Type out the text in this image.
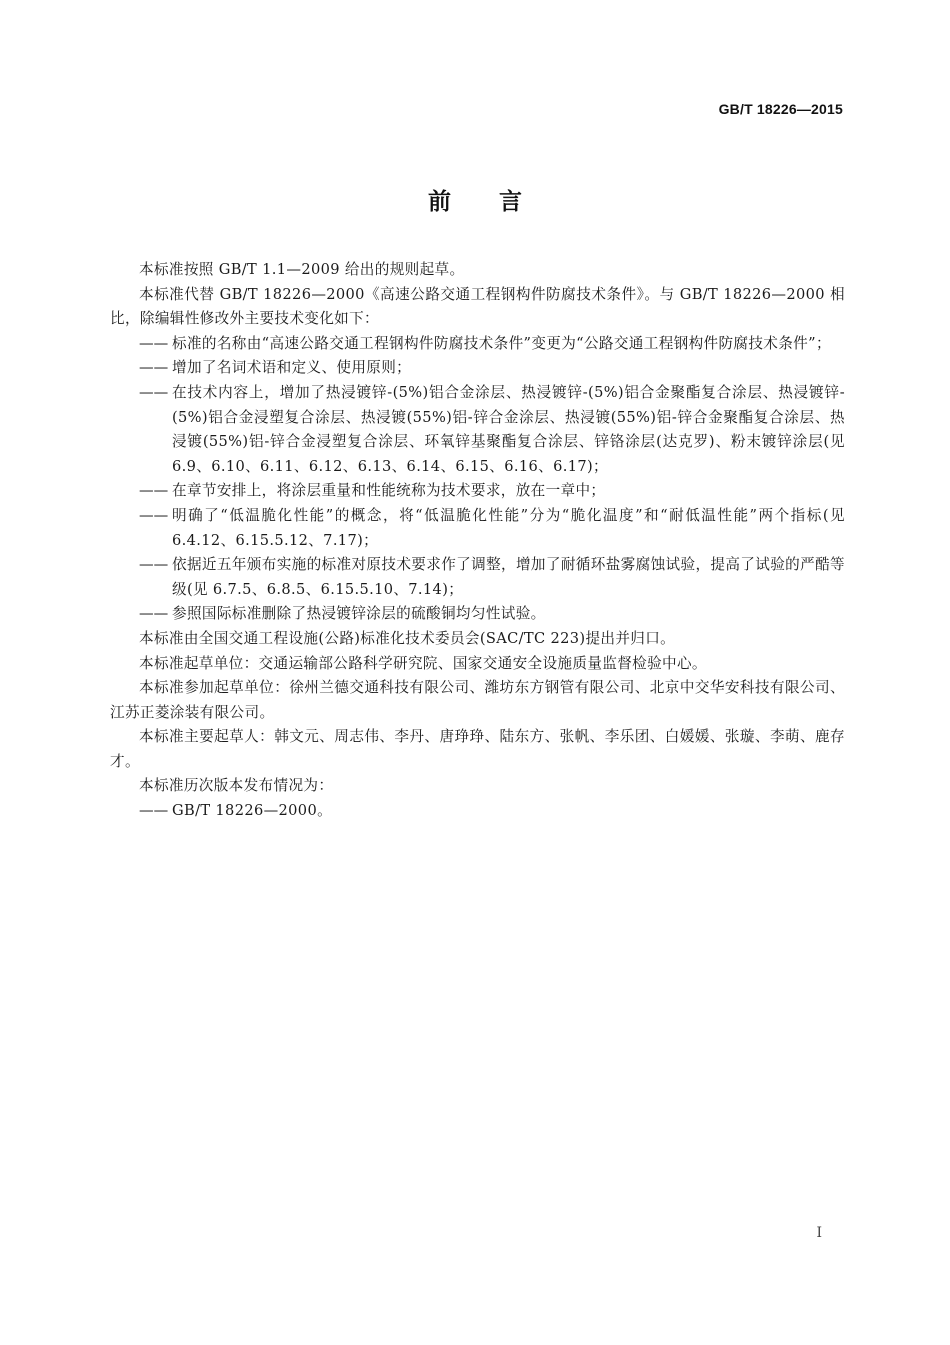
GB/T 18226—2015
前 言

本标准按照 GB/T 1.1—2009 给出的规则起草。

本标准代替 GB/T 18226—2000《高速公路交通工程钢构件防腐技术条件》。与 GB/T 18226—2000 相比，除编辑性修改外主要技术变化如下：

—— 标准的名称由“高速公路交通工程钢构件防腐技术条件”变更为“公路交通工程钢构件防腐技术条件”；

—— 增加了名词术语和定义、使用原则；

—— 在技术内容上，增加了热浸镀锌-(5%)铝合金涂层、热浸镀锌-(5%)铝合金聚酯复合涂层、热浸镀锌-(5%)铝合金浸塑复合涂层、热浸镀(55%)铝-锌合金涂层、热浸镀(55%)铝-锌合金聚酯复合涂层、热浸镀(55%)铝-锌合金浸塑复合涂层、环氧锌基聚酯复合涂层、锌铬涂层(达克罗)、粉末镀锌涂层(见 6.9、6.10、6.11、6.12、6.13、6.14、6.15、6.16、6.17)；

—— 在章节安排上，将涂层重量和性能统称为技术要求，放在一章中；

—— 明确了“低温脆化性能”的概念，将“低温脆化性能”分为“脆化温度”和“耐低温性能”两个指标(见 6.4.12、6.15.5.12、7.17)；

—— 依据近五年颁布实施的标准对原技术要求作了调整，增加了耐循环盐雾腐蚀试验，提高了试验的严酷等级(见 6.7.5、6.8.5、6.15.5.10、7.14)；

—— 参照国际标准删除了热浸镀锌涂层的硫酸铜均匀性试验。

本标准由全国交通工程设施(公路)标准化技术委员会(SAC/TC 223)提出并归口。

本标准起草单位：交通运输部公路科学研究院、国家交通安全设施质量监督检验中心。

本标准参加起草单位：徐州兰德交通科技有限公司、潍坊东方钢管有限公司、北京中交华安科技有限公司、江苏正菱涂装有限公司。

本标准主要起草人：韩文元、周志伟、李丹、唐琤琤、陆东方、张帆、李乐团、白媛媛、张璇、李萌、鹿存才。

本标准历次版本发布情况为：

—— GB/T 18226—2000。

I
